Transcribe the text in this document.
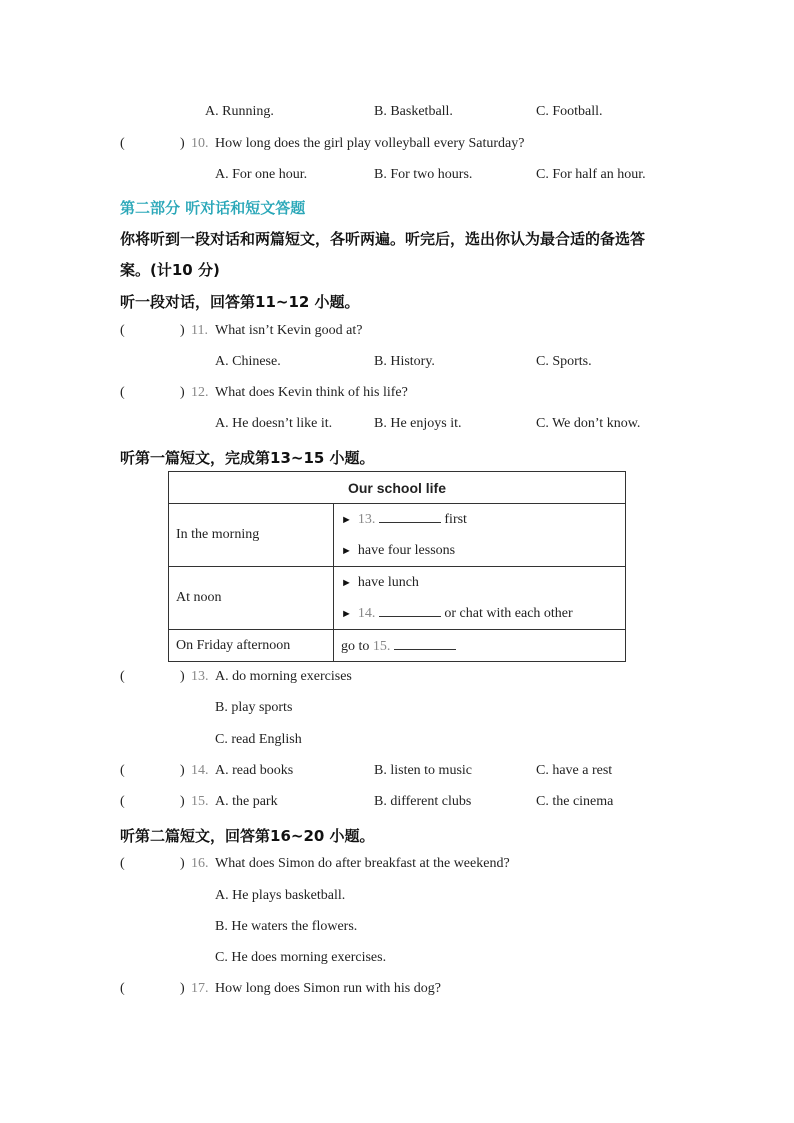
A. Running.	B. Basketball.	C. Football.
(	) 10. How long does the girl play volleyball every Saturday?
A. For one hour.	B. For two hours.	C. For half an hour.
第二部分 听对话和短文答题
你将听到一段对话和两篇短文，各听两遍。听完后，选出你认为最合适的备选答
案。(计10 分)
听一段对话，回答第11~12 小题。
(	) 11. What isn’t Kevin good at?
A. Chinese.	B. History.	C. Sports.
(	) 12. What does Kevin think of his life?
A. He doesn’t like it.	B. He enjoys it.	C. We don’t know.
听第一篇短文，完成第13~15 小题。
Our school life	
In the morning	► 13. first
► have four lessons

At noon	► have lunch
► 14. or chat with each other

On Friday afternoon	go to 15.
(	) 13. A. do morning exercises
B. play sports
C. read English
(	) 14. A. read books	B. listen to music	C. have a rest
(	) 15. A. the park	B. different clubs	C. the cinema
听第二篇短文，回答第16~20 小题。
(	) 16. What does Simon do after breakfast at the weekend?
A. He plays basketball.
B. He waters the flowers.
C. He does morning exercises.
(	) 17. How long does Simon run with his dog?
